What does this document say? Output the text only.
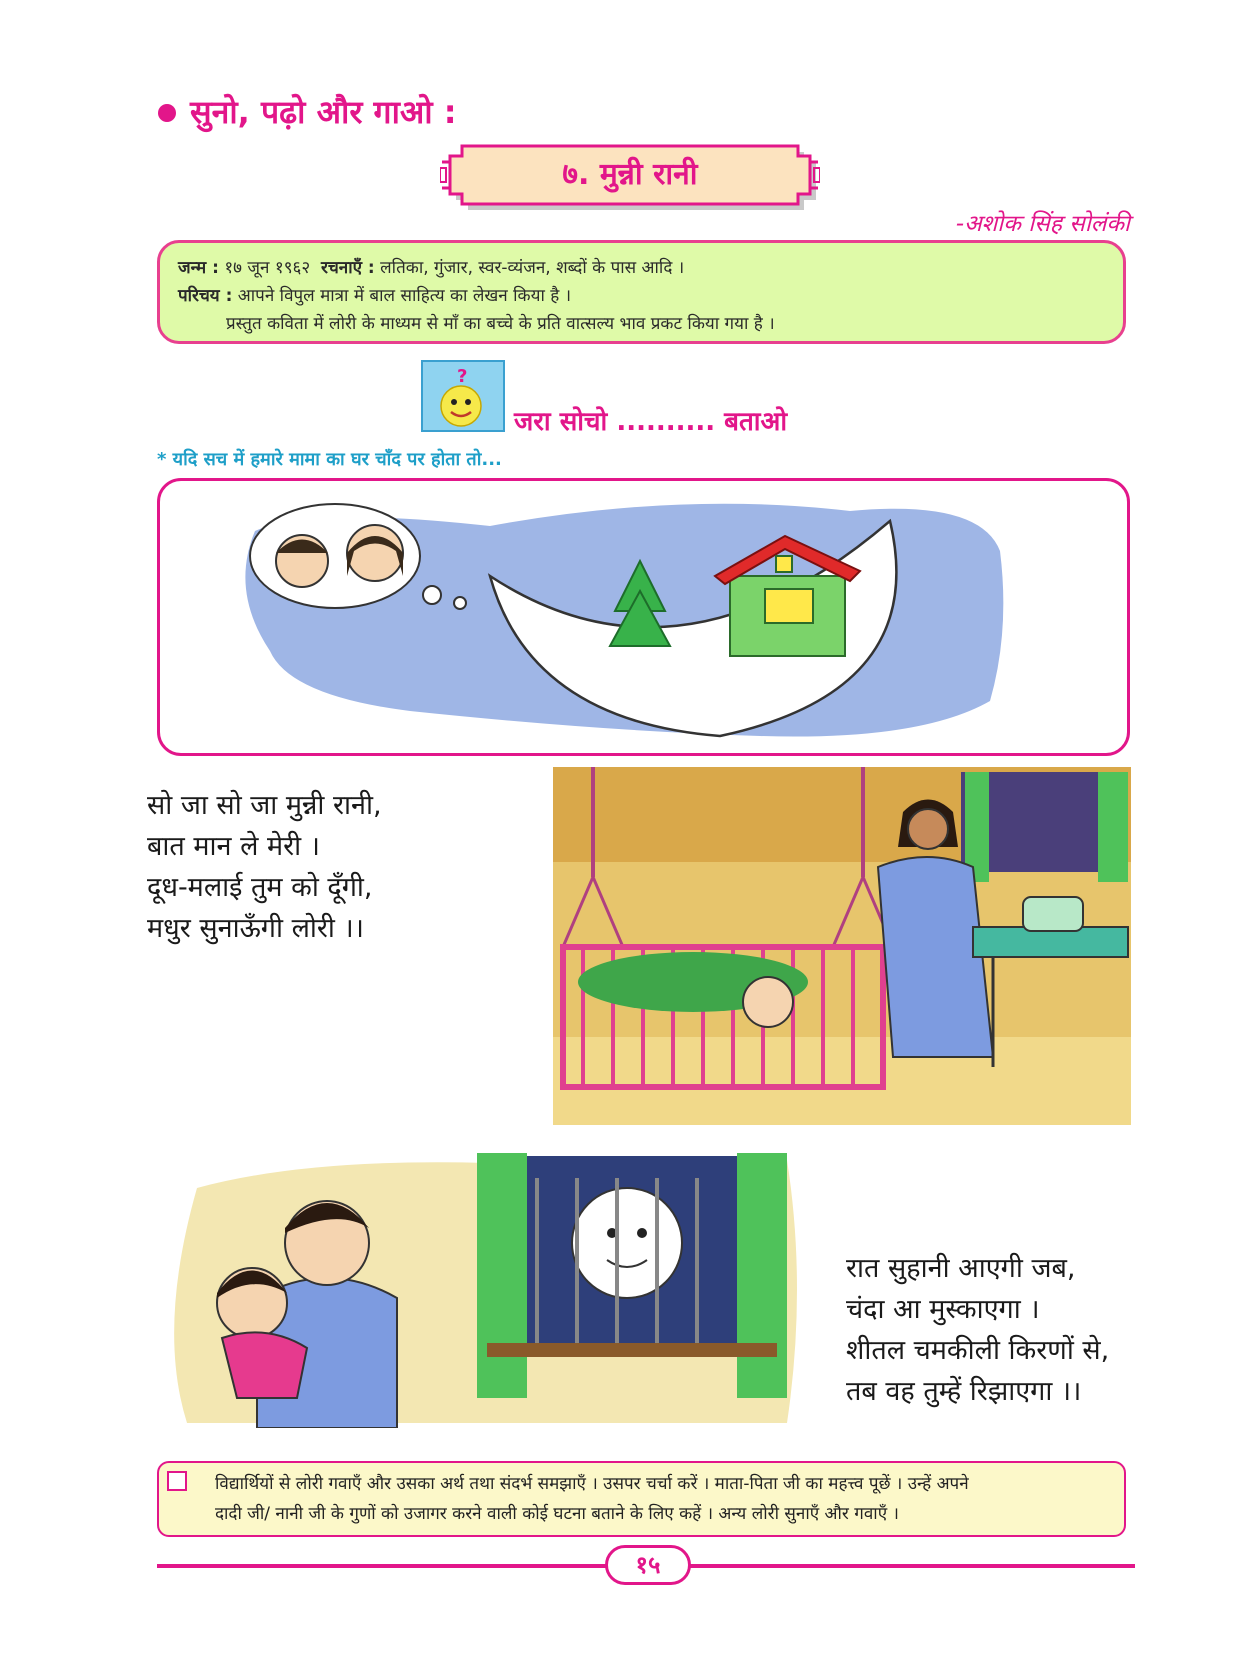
सुनो, पढ़ो और गाओ :
७. मुन्नी रानी
-अशोक सिंह सोलंकी
जन्म : १७ जून १९६२ रचनाएँ : लतिका, गुंजार, स्वर-व्यंजन, शब्दों के पास आदि ।
परिचय : आपने विपुल मात्रा में बाल साहित्य का लेखन किया है ।
प्रस्तुत कविता में लोरी के माध्यम से माँ का बच्चे के प्रति वात्सल्य भाव प्रकट किया गया है ।
?
जरा सोचो .......... बताओ
* यदि सच में हमारे मामा का घर चाँद पर होता तो...
सो जा सो जा मुन्नी रानी,
बात मान ले मेरी ।
दूध-मलाई तुम को दूँगी,
मधुर सुनाऊँगी लोरी ।।
रात सुहानी आएगी जब,
चंदा आ मुस्काएगा ।
शीतल चमकीली किरणों से,
तब वह तुम्हें रिझाएगा ।।
विद्यार्थियों से लोरी गवाएँ और उसका अर्थ तथा संदर्भ समझाएँ । उसपर चर्चा करें । माता-पिता जी का महत्त्व पूछें । उन्हें अपने
दादी जी/ नानी जी के गुणों को उजागर करने वाली कोई घटना बताने के लिए कहें । अन्य लोरी सुनाएँ और गवाएँ ।
१५
